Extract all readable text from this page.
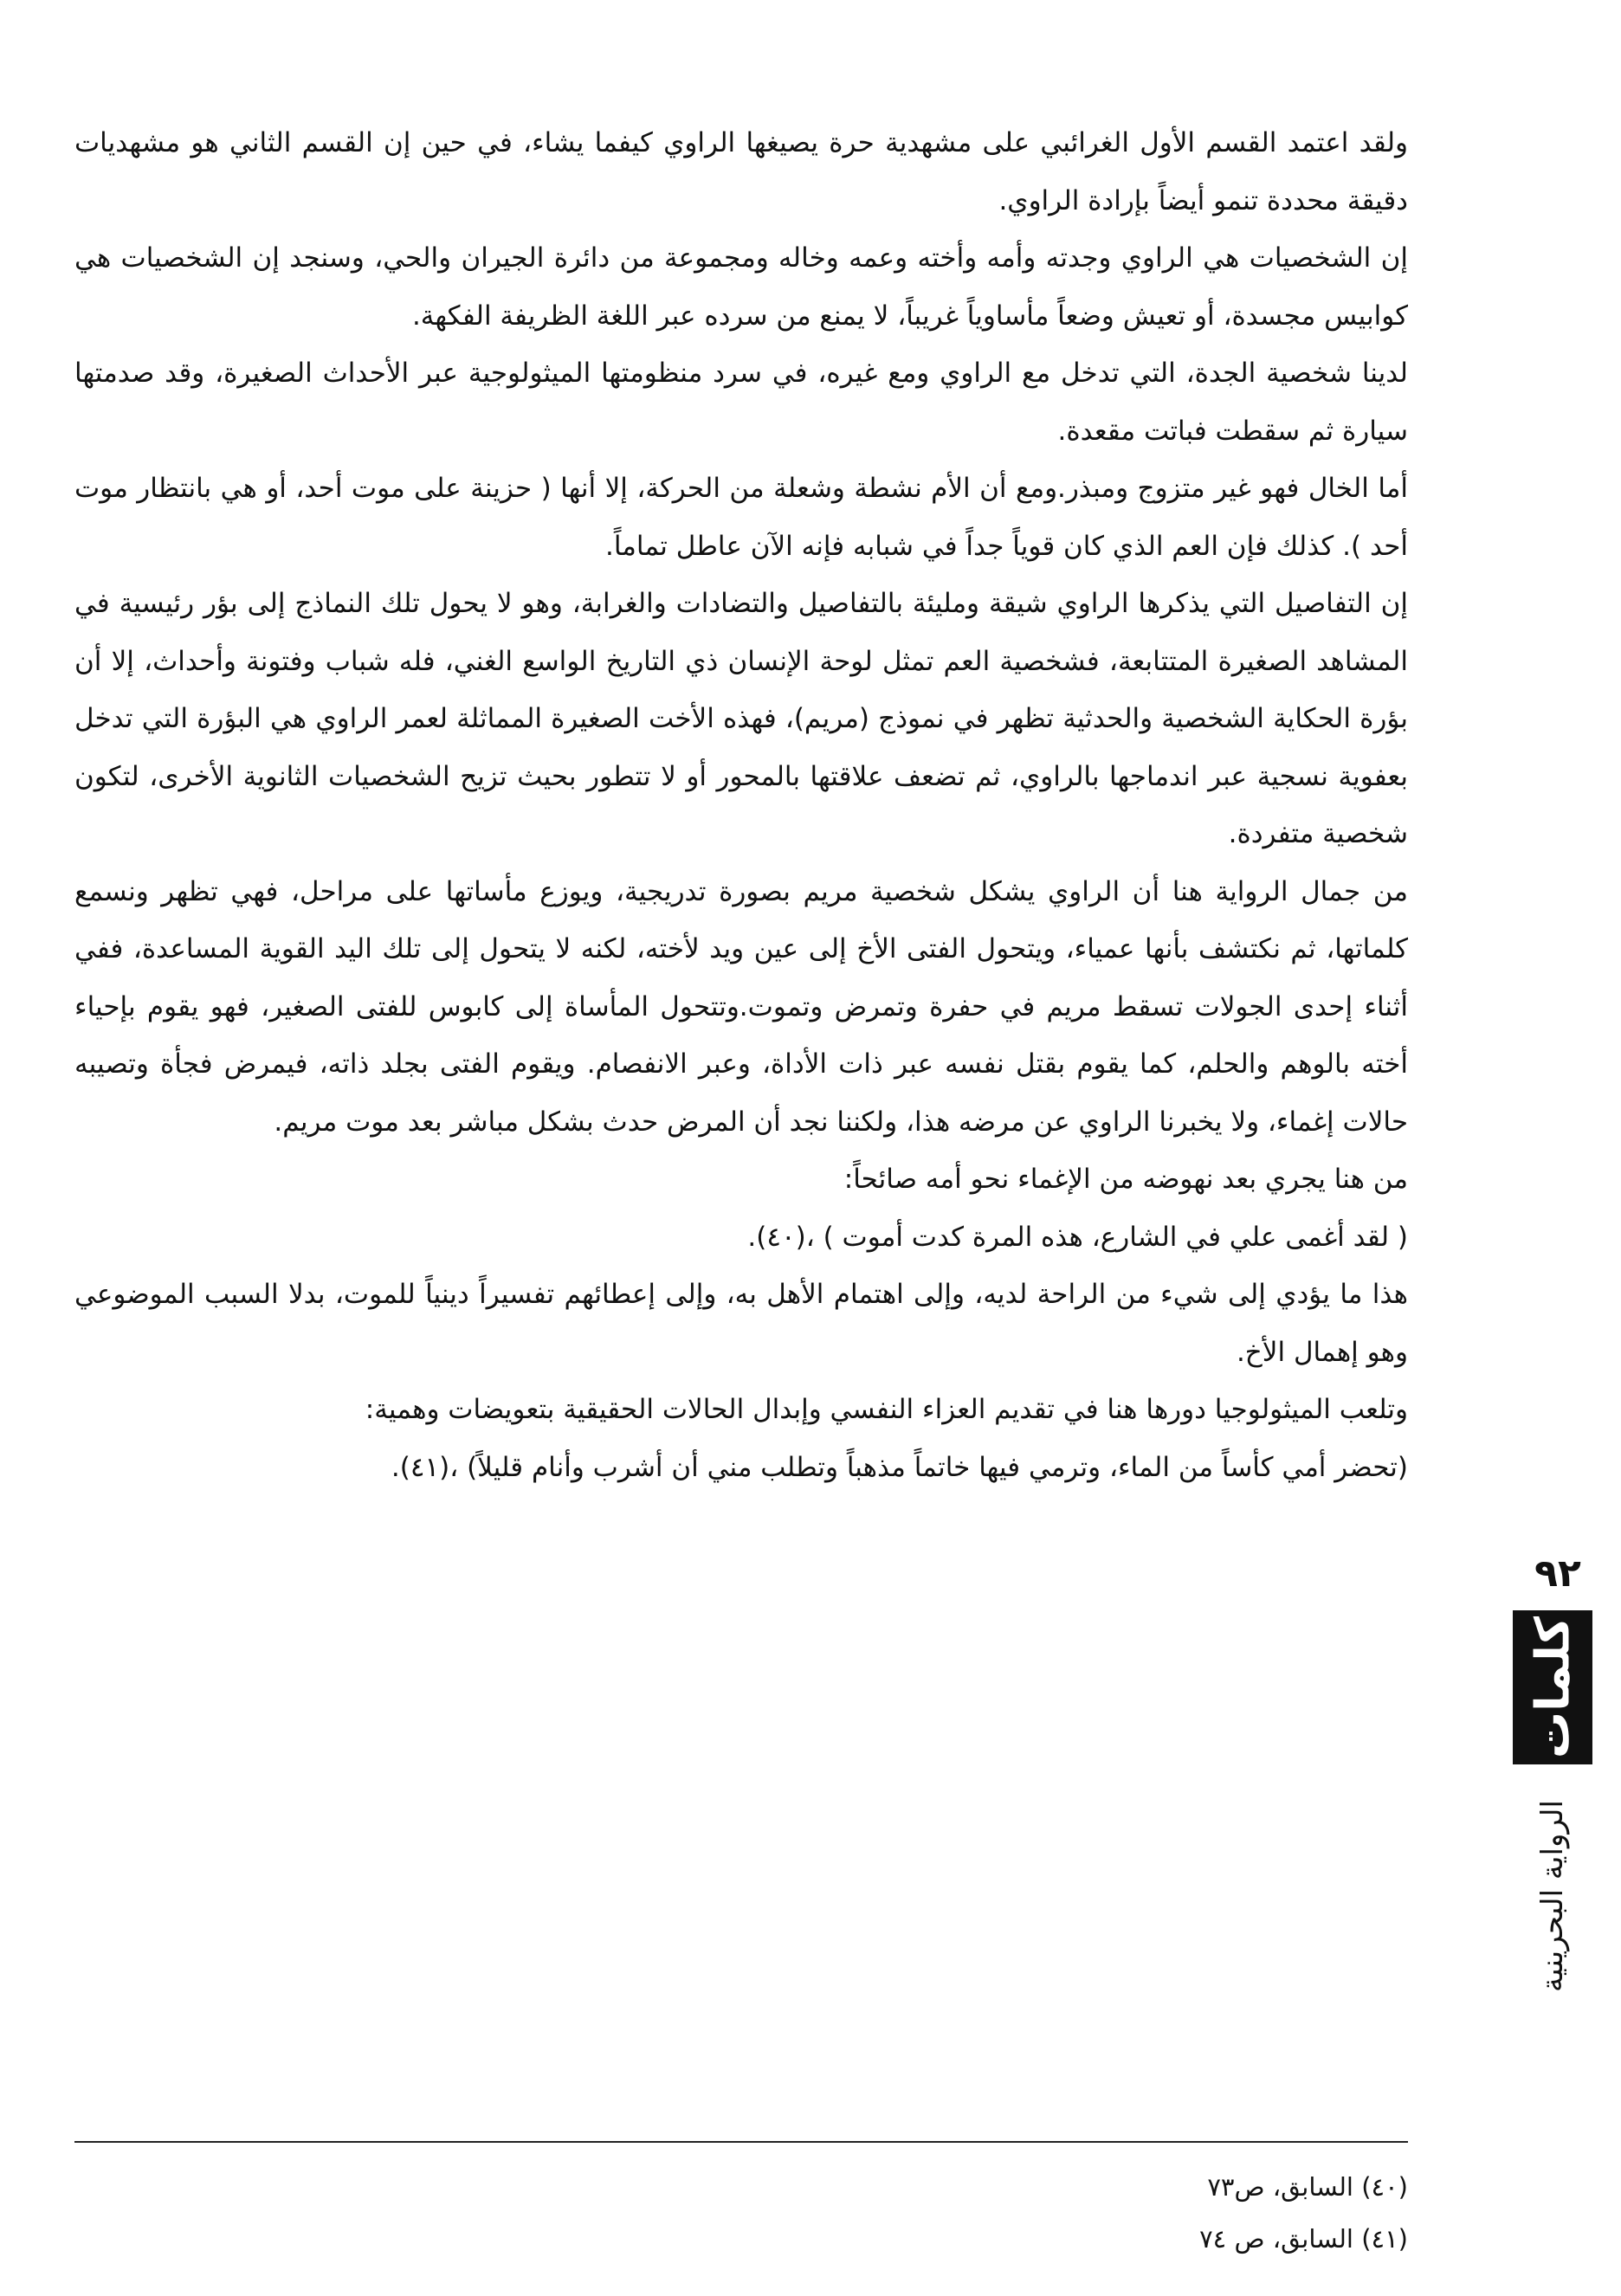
ولقد اعتمد القسم الأول الغرائبي على مشهدية حرة يصيغها الراوي كيفما يشاء، في حين إن القسم الثاني هو مشهديات دقيقة محددة تنمو أيضاً بإرادة الراوي.

إن الشخصيات هي الراوي وجدته وأمه وأخته وعمه وخاله ومجموعة من دائرة الجيران والحي، وسنجد إن الشخصيات هي كوابيس مجسدة، أو تعيش وضعاً مأساوياً غريباً، لا يمنع من سرده عبر اللغة الظريفة الفكهة.

لدينا شخصية الجدة، التي تدخل مع الراوي ومع غيره، في سرد منظومتها الميثولوجية عبر الأحداث الصغيرة، وقد صدمتها سيارة ثم سقطت فباتت مقعدة.

أما الخال فهو غير متزوج ومبذر.ومع أن الأم نشطة وشعلة من الحركة، إلا أنها ( حزينة على موت أحد، أو هي بانتظار موت أحد ). كذلك فإن العم الذي كان قوياً جداً في شبابه فإنه الآن عاطل تماماً.

إن التفاصيل التي يذكرها الراوي شيقة ومليئة بالتفاصيل والتضادات والغرابة، وهو لا يحول تلك النماذج إلى بؤر رئيسية في المشاهد الصغيرة المتتابعة، فشخصية العم تمثل لوحة الإنسان ذي التاريخ الواسع الغني، فله شباب وفتونة وأحداث، إلا أن بؤرة الحكاية الشخصية والحدثية تظهر في نموذج (مريم)، فهذه الأخت الصغيرة المماثلة لعمر الراوي هي البؤرة التي تدخل بعفوية نسجية عبر اندماجها بالراوي، ثم تضعف علاقتها بالمحور أو لا تتطور بحيث تزيح الشخصيات الثانوية الأخرى، لتكون شخصية متفردة.

من جمال الرواية هنا أن الراوي يشكل شخصية مريم بصورة تدريجية، ويوزع مأساتها على مراحل، فهي تظهر ونسمع كلماتها، ثم نكتشف بأنها عمياء، ويتحول الفتى الأخ إلى عين ويد لأخته، لكنه لا يتحول إلى تلك اليد القوية المساعدة، ففي أثناء إحدى الجولات تسقط مريم في حفرة وتمرض وتموت.وتتحول المأساة إلى كابوس للفتى الصغير، فهو يقوم بإحياء أخته بالوهم والحلم، كما يقوم بقتل نفسه عبر ذات الأداة، وعبر الانفصام. ويقوم الفتى بجلد ذاته، فيمرض فجأة وتصيبه حالات إغماء، ولا يخبرنا الراوي عن مرضه هذا، ولكننا نجد أن المرض حدث بشكل مباشر بعد موت مريم.

من هنا يجري بعد نهوضه من الإغماء نحو أمه صائحاً:

( لقد أغمى علي في الشارع، هذه المرة كدت أموت ) ،(٤٠).

هذا ما يؤدي إلى شيء من الراحة لديه، وإلى اهتمام الأهل به، وإلى إعطائهم تفسيراً دينياً للموت، بدلا السبب الموضوعي وهو إهمال الأخ.

وتلعب الميثولوجيا دورها هنا في تقديم العزاء النفسي وإبدال الحالات الحقيقية بتعويضات وهمية:

(تحضر أمي كأساً من الماء، وترمي فيها خاتماً مذهباً وتطلب مني أن أشرب وأنام قليلاً) ،(٤١).

(٤٠) السابق، ص٧٣
(٤١) السابق، ص ٧٤
٩٢
كلمات
الرواية البحرينية
